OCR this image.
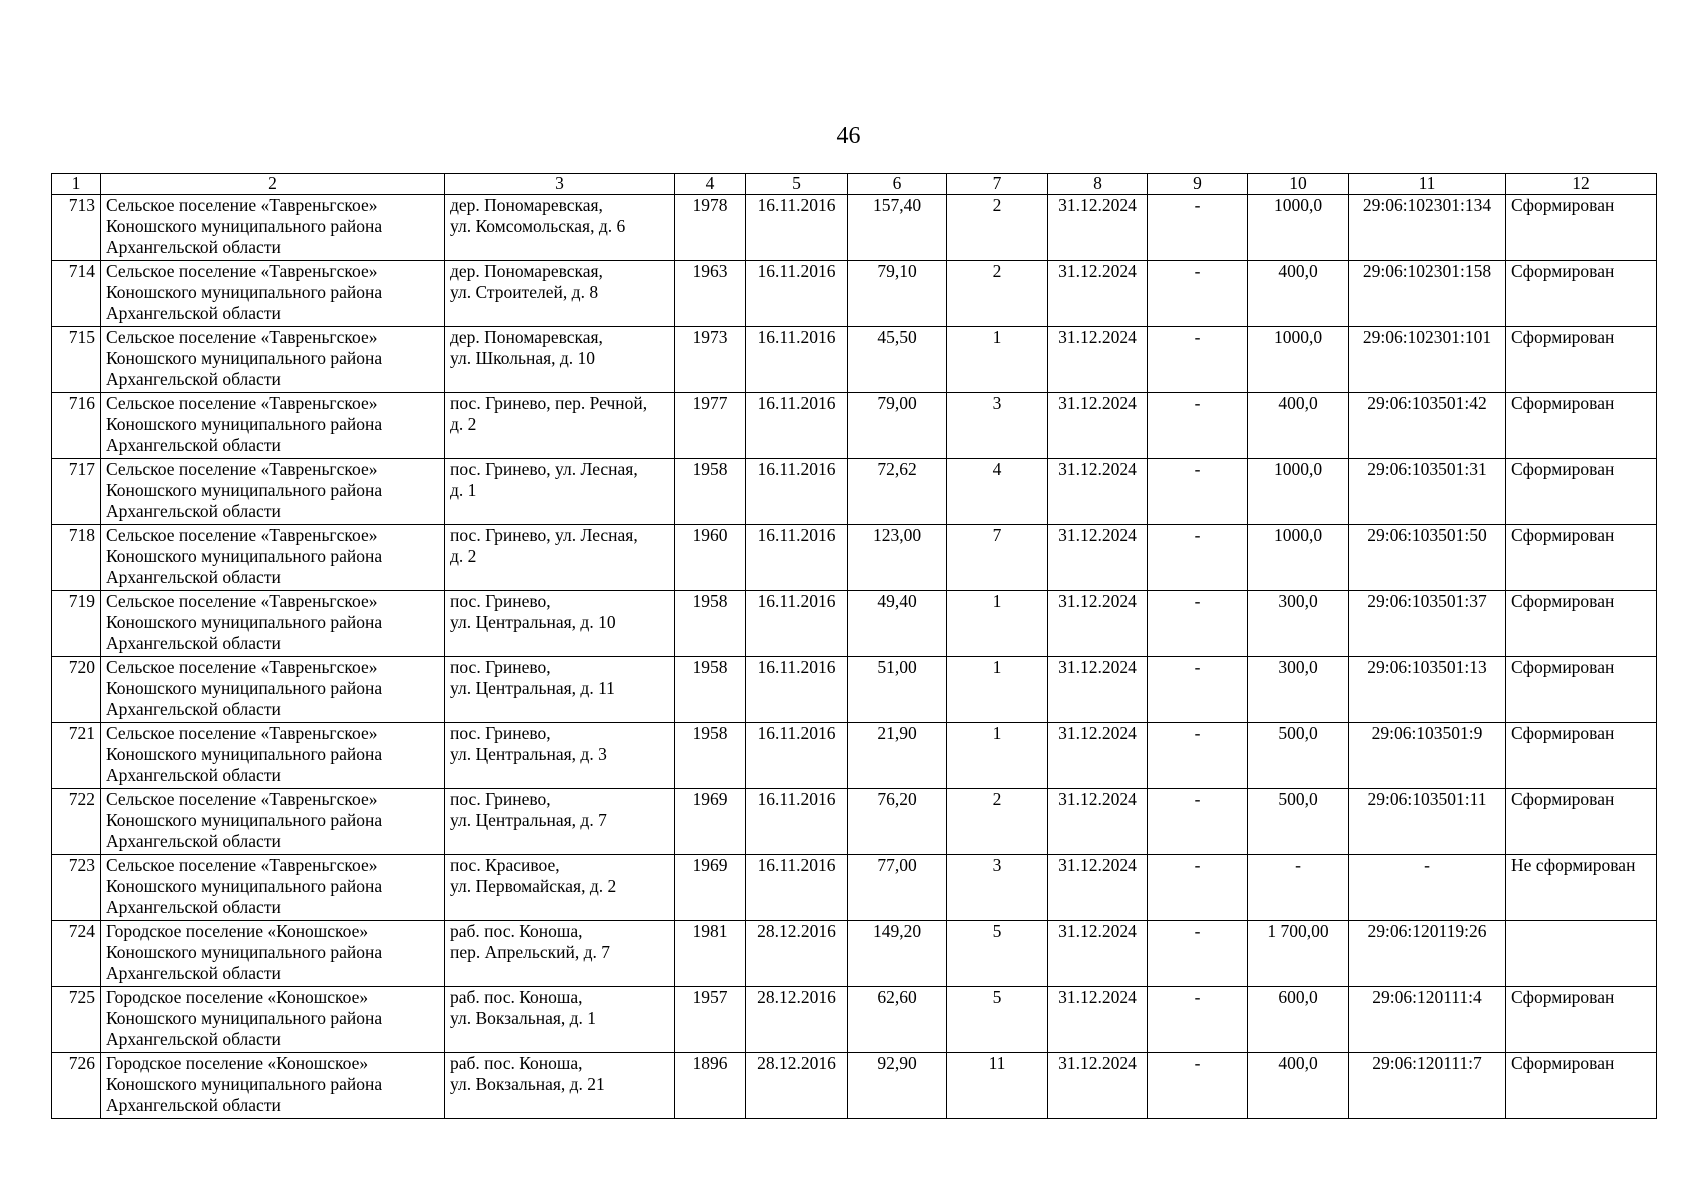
46
1	2	3	4	5	6	7	8	9	10	11	12
713	Сельское поселение «Тавреньгское»
Коношского муниципального района
Архангельской области	дер. Пономаревская,
ул. Комсомольская, д. 6	1978	16.11.2016	157,40	2	31.12.2024	-	1000,0	29:06:102301:134	Сформирован
714	Сельское поселение «Тавреньгское»
Коношского муниципального района
Архангельской области	дер. Пономаревская,
ул. Строителей, д. 8	1963	16.11.2016	79,10	2	31.12.2024	-	400,0	29:06:102301:158	Сформирован
715	Сельское поселение «Тавреньгское»
Коношского муниципального района
Архангельской области	дер. Пономаревская,
ул. Школьная, д. 10	1973	16.11.2016	45,50	1	31.12.2024	-	1000,0	29:06:102301:101	Сформирован
716	Сельское поселение «Тавреньгское»
Коношского муниципального района
Архангельской области	пос. Гринево, пер. Речной,
д. 2	1977	16.11.2016	79,00	3	31.12.2024	-	400,0	29:06:103501:42	Сформирован
717	Сельское поселение «Тавреньгское»
Коношского муниципального района
Архангельской области	пос. Гринево, ул. Лесная,
д. 1	1958	16.11.2016	72,62	4	31.12.2024	-	1000,0	29:06:103501:31	Сформирован
718	Сельское поселение «Тавреньгское»
Коношского муниципального района
Архангельской области	пос. Гринево, ул. Лесная,
д. 2	1960	16.11.2016	123,00	7	31.12.2024	-	1000,0	29:06:103501:50	Сформирован
719	Сельское поселение «Тавреньгское»
Коношского муниципального района
Архангельской области	пос. Гринево,
ул. Центральная, д. 10	1958	16.11.2016	49,40	1	31.12.2024	-	300,0	29:06:103501:37	Сформирован
720	Сельское поселение «Тавреньгское»
Коношского муниципального района
Архангельской области	пос. Гринево,
ул. Центральная, д. 11	1958	16.11.2016	51,00	1	31.12.2024	-	300,0	29:06:103501:13	Сформирован
721	Сельское поселение «Тавреньгское»
Коношского муниципального района
Архангельской области	пос. Гринево,
ул. Центральная, д. 3	1958	16.11.2016	21,90	1	31.12.2024	-	500,0	29:06:103501:9	Сформирован
722	Сельское поселение «Тавреньгское»
Коношского муниципального района
Архангельской области	пос. Гринево,
ул. Центральная, д. 7	1969	16.11.2016	76,20	2	31.12.2024	-	500,0	29:06:103501:11	Сформирован
723	Сельское поселение «Тавреньгское»
Коношского муниципального района
Архангельской области	пос. Красивое,
ул. Первомайская, д. 2	1969	16.11.2016	77,00	3	31.12.2024	-	-	-	Не сформирован
724	Городское поселение «Коношское»
Коношского муниципального района
Архангельской области	раб. пос. Коноша,
пер. Апрельский, д. 7	1981	28.12.2016	149,20	5	31.12.2024	-	1 700,00	29:06:120119:26	
725	Городское поселение «Коношское»
Коношского муниципального района
Архангельской области	раб. пос. Коноша,
ул. Вокзальная, д. 1	1957	28.12.2016	62,60	5	31.12.2024	-	600,0	29:06:120111:4	Сформирован
726	Городское поселение «Коношское»
Коношского муниципального района
Архангельской области	раб. пос. Коноша,
ул. Вокзальная, д. 21	1896	28.12.2016	92,90	11	31.12.2024	-	400,0	29:06:120111:7	Сформирован
